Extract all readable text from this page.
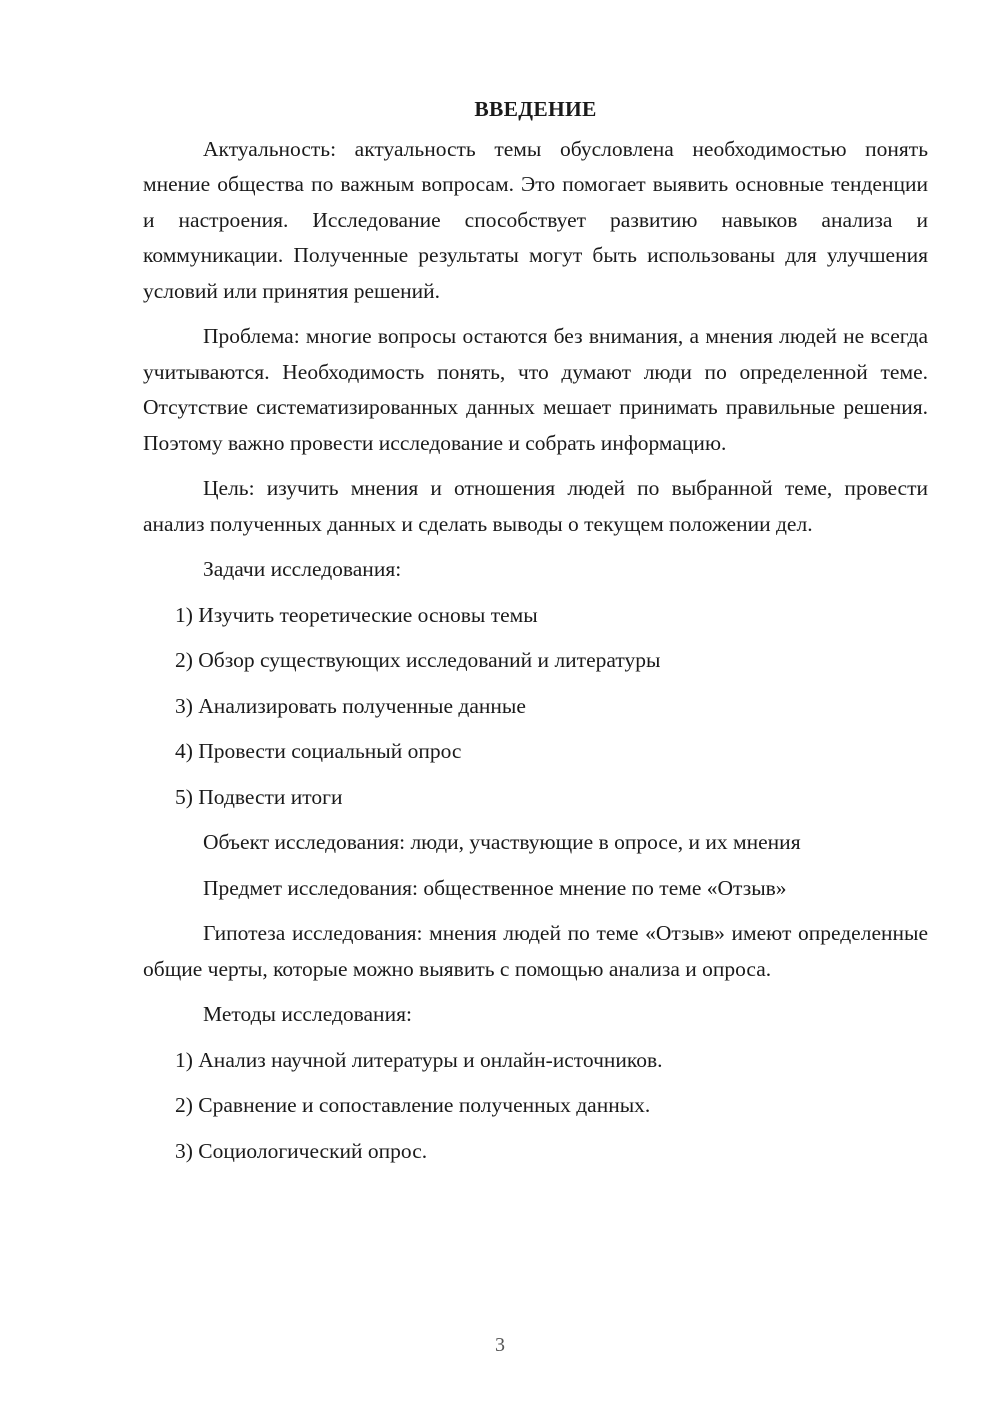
ВВЕДЕНИЕ

Актуальность: актуальность темы обусловлена необходимостью понять мнение общества по важным вопросам. Это помогает выявить основные тенденции и настроения. Исследование способствует развитию навыков анализа и коммуникации. Полученные результаты могут быть использованы для улучшения условий или принятия решений.

Проблема: многие вопросы остаются без внимания, а мнения людей не всегда учитываются. Необходимость понять, что думают люди по определенной теме. Отсутствие систематизированных данных мешает принимать правильные решения. Поэтому важно провести исследование и собрать информацию.

Цель: изучить мнения и отношения людей по выбранной теме, провести анализ полученных данных и сделать выводы о текущем положении дел.

Задачи исследования:

1) Изучить теоретические основы темы

2) Обзор существующих исследований и литературы

3) Анализировать полученные данные

4) Провести социальный опрос

5) Подвести итоги

Объект исследования: люди, участвующие в опросе, и их мнения

Предмет исследования: общественное мнение по теме «Отзыв»

Гипотеза исследования: мнения людей по теме «Отзыв» имеют определенные общие черты, которые можно выявить с помощью анализа и опроса.

Методы исследования:

1) Анализ научной литературы и онлайн-источников.

2) Сравнение и сопоставление полученных данных.

3) Социологический опрос.

3
